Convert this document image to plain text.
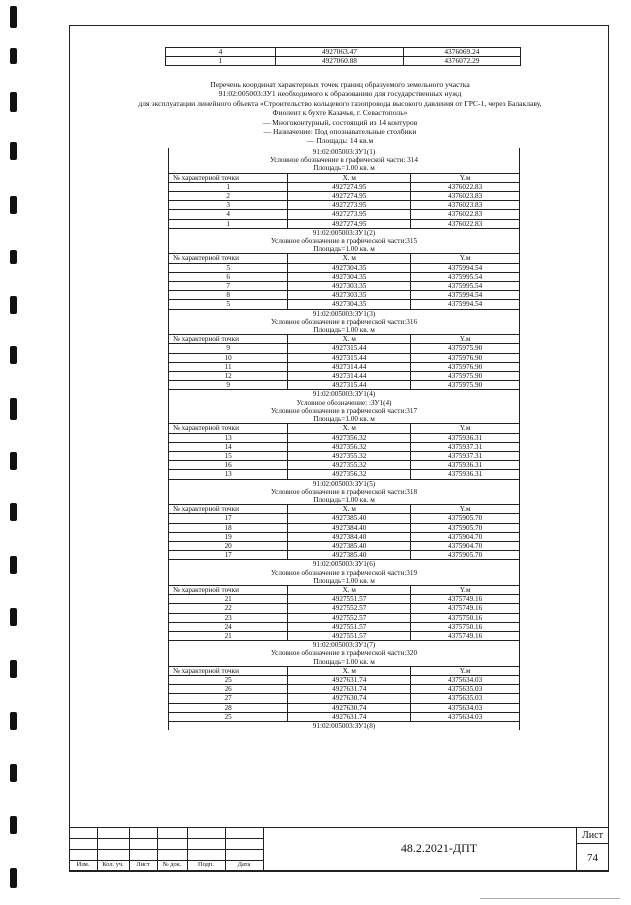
4	4927063.47	4376069.24
1	4927060.88	4376072.29
Перечень координат характерных точек границ образуемого земельного участка
91:02:005003:ЗУ1 необходимого к образованию для государственных нужд
для эксплуатации линейного объекта «Строительство кольцевого газопровода высокого давления от ГРС-1, через Балаклаву,
Фиолент к бухте Казачья, г. Севастополь»
— Многоконтурный, состоящий из 14 контуров
— Назначение: Под опознавательные столбики
— Площадь: 14 кв.м
91:02:005003:ЗУ1(1)		
Условное обозначение в графической части: 314		
Площадь=1.00 кв. м		
№ характерной точки	Х. м	Y.м
1	4927274.95	4376022.83
2	4927274.95	4376023.83
3	4927273.95	4376023.83
4	4927273.95	4376022.83
1	4927274.95	4376022.83
91:02:005003:ЗУ1(2)		
Условное обозначение в графической части:315		
Площадь=1.00 кв. м		
№ характерной точки	Х. м	Y.м
5	4927304.35	4375994.54
6	4927304.35	4375995.54
7	4927303.35	4375995.54
8	4927303.35	4375994.54
5	4927304.35	4375994.54
91:02:005003:ЗУ1(3)		
Условное обозначение в графической части:316		
Площадь=1.00 кв. м		
№ характерной точки	Х. м	Y.м
9	4927315.44	4375975.90
10	4927315.44	4375976.90
11	4927314.44	4375976.90
12	4927314.44	4375975.90
9	4927315.44	4375975.90
91:02:005003:ЗУ1(4)		
Условное обозначение: :ЗУ1(4)		
Условное обозначение в графической части:317		
Площадь=1.00 кв. м		
№ характерной точки	Х. м	Y.м
13	4927356.32	4375936.31
14	4927356.32	4375937.31
15	4927355.32	4375937.31
16	4927355.32	4375936.31
13	4927356.32	4375936.31
91:02:005003:ЗУ1(5)		
Условное обозначение в графической части:318		
Площадь=1.00 кв. м		
№ характерной точки	Х. м	Y.м
17	4927385.40	4375905.70
18	4927384.40	4375905.70
19	4927384.40	4375904.70
20	4927385.40	4375904.70
17	4927385.40	4375905.70
91:02:005003:ЗУ1(6)		
Условное обозначение в графической части:319		
Площадь=1.00 кв. м		
№ характерной точки	Х. м	Y.м
21	4927551.57	4375749.16
22	4927552.57	4375749.16
23	4927552.57	4375750.16
24	4927551.57	4375750.16
21	4927551.57	4375749.16
91:02:005003:ЗУ1(7)		
Условное обозначение в графической части:320		
Площадь=1.00 кв. м		
№ характерной точки	Х. м	Y.м
25	4927631.74	4375634.03
26	4927631.74	4375635.03
27	4927630.74	4375635.03
28	4927630.74	4375634.03
25	4927631.74	4375634.03
91:02:005003:ЗУ1(8)		
Изм.	Кол. уч.	Лист	№ док.	Подп.	Дата
48.2.2021-ДПТ
Лист
74
